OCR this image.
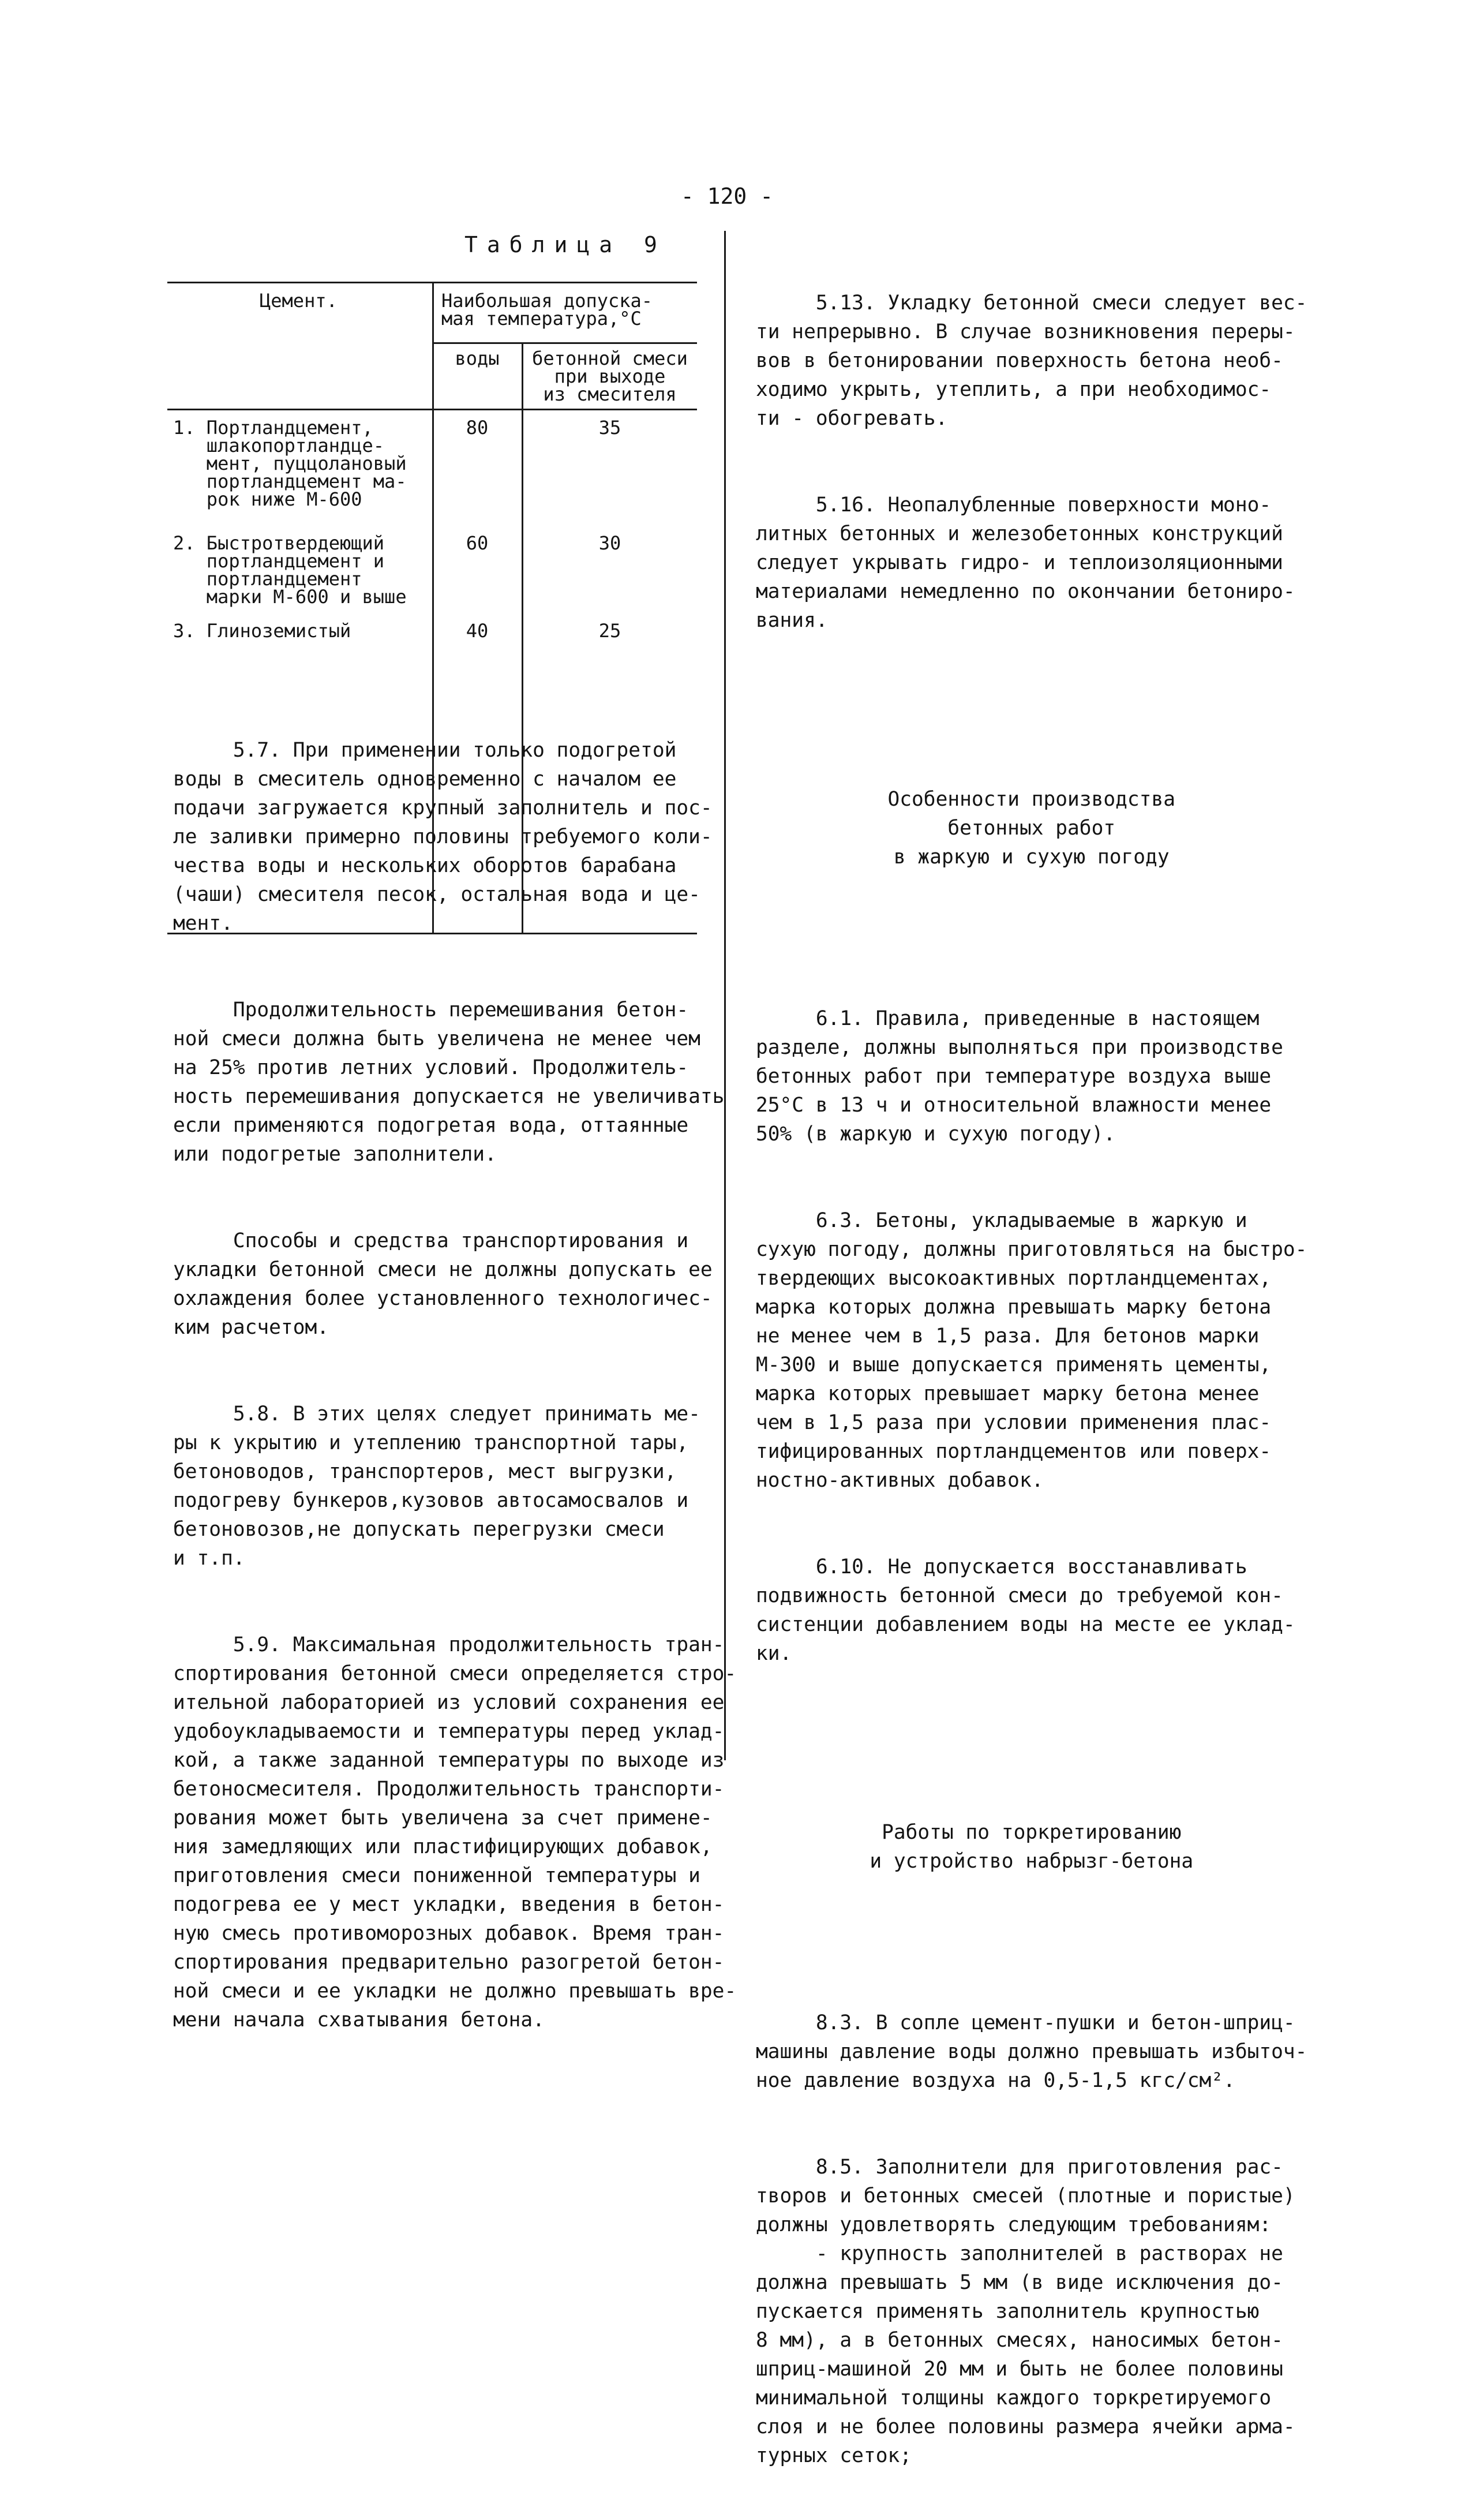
- 120 -
Таблица 9
Цемент.	Наибольшая допуска-
мая температура,°С
воды	бетонной смеси
при выходе
из смесителя
1. Портландцемент,
шлакопортландце-
мент, пуццолановый
портландцемент ма-
рок ниже М-600
80	35
2. Быстротвердеющий
портландцемент и
портландцемент
марки М-600 и выше
60	30
3. Глиноземистый	40	25

5.7. При применении только подогретой
воды в смеситель одновременно с началом ее
подачи загружается крупный заполнитель и пос-
ле заливки примерно половины требуемого коли-
чества воды и нескольких оборотов барабана
(чаши) смесителя песок, остальная вода и це-
мент.

Продолжительность перемешивания бетон-
ной смеси должна быть увеличена не менее чем
на 25% против летних условий. Продолжитель-
ность перемешивания допускается не увеличивать
если применяются подогретая вода, оттаянные
или подогретые заполнители.

Способы и средства транспортирования и
укладки бетонной смеси не должны допускать ее
охлаждения более установленного технологичес-
ким расчетом.

5.8. В этих целях следует принимать ме-
ры к укрытию и утеплению транспортной тары,
бетоноводов, транспортеров, мест выгрузки,
подогреву бункеров,кузовов автосамосвалов и
бетоновозов,не допускать перегрузки смеси
и т.п.

5.9. Максимальная продолжительность тран-
спортирования бетонной смеси определяется стро-
ительной лабораторией из условий сохранения ее
удобоукладываемости и температуры перед уклад-
кой, а также заданной температуры по выходе из
бетоносмесителя. Продолжительность транспорти-
рования может быть увеличена за счет примене-
ния замедляющих или пластифицирующих добавок,
приготовления смеси пониженной температуры и
подогрева ее у мест укладки, введения в бетон-
ную смесь противоморозных добавок. Время тран-
спортирования предварительно разогретой бетон-
ной смеси и ее укладки не должно превышать вре-
мени начала схватывания бетона.

5.13. Укладку бетонной смеси следует вес-
ти непрерывно. В случае возникновения переры-
вов в бетонировании поверхность бетона необ-
ходимо укрыть, утеплить, а при необходимос-
ти - обогревать.

5.16. Неопалубленные поверхности моно-
литных бетонных и железобетонных конструкций
следует укрывать гидро- и теплоизоляционными
материалами немедленно по окончании бетониро-
вания.

Особенности производства
бетонных работ
в жаркую и сухую погоду

6.1. Правила, приведенные в настоящем
разделе, должны выполняться при производстве
бетонных работ при температуре воздуха выше
25°С в 13 ч и относительной влажности менее
50% (в жаркую и сухую погоду).

6.3. Бетоны, укладываемые в жаркую и
сухую погоду, должны приготовляться на быстро-
твердеющих высокоактивных портландцементах,
марка которых должна превышать марку бетона
не менее чем в 1,5 раза. Для бетонов марки
М-300 и выше допускается применять цементы,
марка которых превышает марку бетона менее
чем в 1,5 раза при условии применения плас-
тифицированных портландцементов или поверх-
ностно-активных добавок.

6.10. Не допускается восстанавливать
подвижность бетонной смеси до требуемой кон-
систенции добавлением воды на месте ее уклад-
ки.

Работы по торкретированию
и устройство набрызг-бетона

8.3. В сопле цемент-пушки и бетон-шприц-
машины давление воды должно превышать избыточ-
ное давление воздуха на 0,5-1,5 кгс/см².

8.5. Заполнители для приготовления рас-
творов и бетонных смесей (плотные и пористые)
должны удовлетворять следующим требованиям:
- крупность заполнителей в растворах не
должна превышать 5 мм (в виде исключения до-
пускается применять заполнитель крупностью
8 мм), а в бетонных смесях, наносимых бетон-
шприц-машиной 20 мм и быть не более половины
минимальной толщины каждого торкретируемого
слоя и не более половины размера ячейки арма-
турных сеток;
